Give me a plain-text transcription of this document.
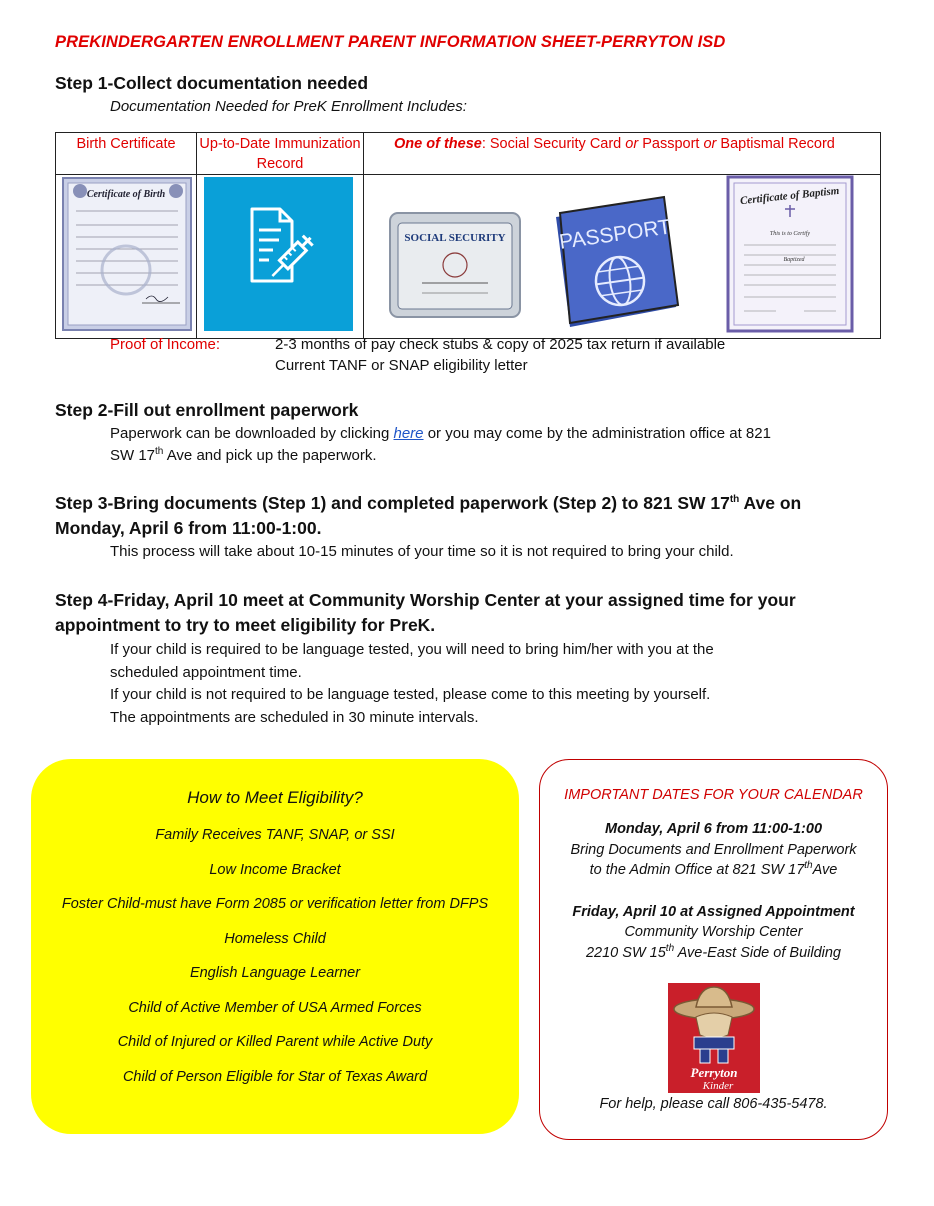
PREKINDERGARTEN ENROLLMENT PARENT INFORMATION SHEET-PERRYTON ISD
Step 1-Collect documentation needed
Documentation Needed for PreK Enrollment Includes:
Birth Certificate	Up-to-Date Immunization Record	One of these: Social Security Card or Passport or Baptismal Record

Certificate of Birth		SOCIAL SECURITY PASSPORT
Certificate of Baptism
This is to Certify
Baptized
Proof of Income:	2-3 months of pay check stubs & copy of 2025 tax return if available
Current TANF or SNAP eligibility letter
Step 2-Fill out enrollment paperwork
Paperwork can be downloaded by clicking here or you may come by the administration office at 821
SW 17th Ave and pick up the paperwork.
Step 3-Bring documents (Step 1) and completed paperwork (Step 2) to 821 SW 17th Ave on
Monday, April 6 from 11:00-1:00.
This process will take about 10-15 minutes of your time so it is not required to bring your child.
Step 4-Friday, April 10 meet at Community Worship Center at your assigned time for your
appointment to try to meet eligibility for PreK.
If your child is required to be language tested, you will need to bring him/her with you at the
scheduled appointment time.
If your child is not required to be language tested, please come to this meeting by yourself.
The appointments are scheduled in 30 minute intervals.
How to Meet Eligibility?
Family Receives TANF, SNAP, or SSI
Low Income Bracket
Foster Child-must have Form 2085 or verification letter from DFPS
Homeless Child
English Language Learner
Child of Active Member of USA Armed Forces
Child of Injured or Killed Parent while Active Duty
Child of Person Eligible for Star of Texas Award
IMPORTANT DATES FOR YOUR CALENDAR
Monday, April 6 from 11:00-1:00
Bring Documents and Enrollment Paperwork
to the Admin Office at 821 SW 17thAve
Friday, April 10 at Assigned Appointment
Community Worship Center
2210 SW 15th Ave-East Side of Building
Perryton
Kinder
For help, please call 806-435-5478.
